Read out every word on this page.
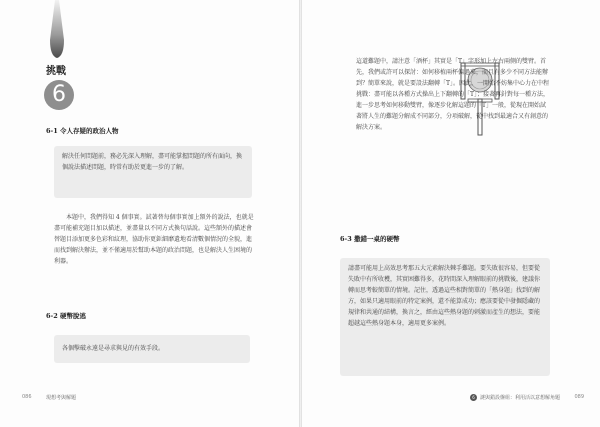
挑戰
6
6-1 令人存疑的政治人物
解決任何問題前，務必先深入理解，盡可能掌握問題的所有面向，換個說法描述問題，時常有助於更進一步的了解。
本題中，我們得知 4 個事實。試著替每個事實加上額外的說法，也就是盡可能補充題目加以描述，並盡量以不同方式換句話說。這些額外的描述會替題目添加更多色彩和紋理，協助你更鉅細靡遺地看清數個情況的全貌，進而找到解決辦法，並不僅適用於幫助本題的政治問題，也是解決人生困境的利器。
6-2 硬幣脫逃
各個擊破永遠是尋求與見的有效手段。
086	現想考與解題
這道難題中，請注意「酒杯」其實是「T」字形加上左右兩側的雙臂。首先，我們或許可以探討：如何移植兩杯偏過來，而且有多少不同方法能辦到？簡單來說，就是要設法翻轉「T」。因此，一開始不妨集中心力在中程挑戰：盡可能以各種方式操出上下翻轉的「T」；接著再針對每一種方法，進一步思考如何移動雙臂，像逐步化解這題的「T」一般，從現在開始試著將人生的難題分解成不同部分，分項破解，從中找到最適合又有創意的解決方案。
6-3 撒錯一桌的硬幣
請盡可能用上高效思考那五大元素解決棘手難題。要失敗很容易，但要從失敗中有所收穫，其實困難得多，花時間深入理解眼前的挑戰後，建議你轉而思考較簡單的情境。記住，透過這些相對簡單的「熱身題」找到的解方，如果只適用眼前的特定案例，還不能算成功；應該要從中發掘隱藏的規律和共通的結構，換言之，經由這些熱身題的刺激而產生的想法，要能超越這些熱身題本身，適用更多案例。
6	謎與錯設盤組：利用活以意想解角題	089
